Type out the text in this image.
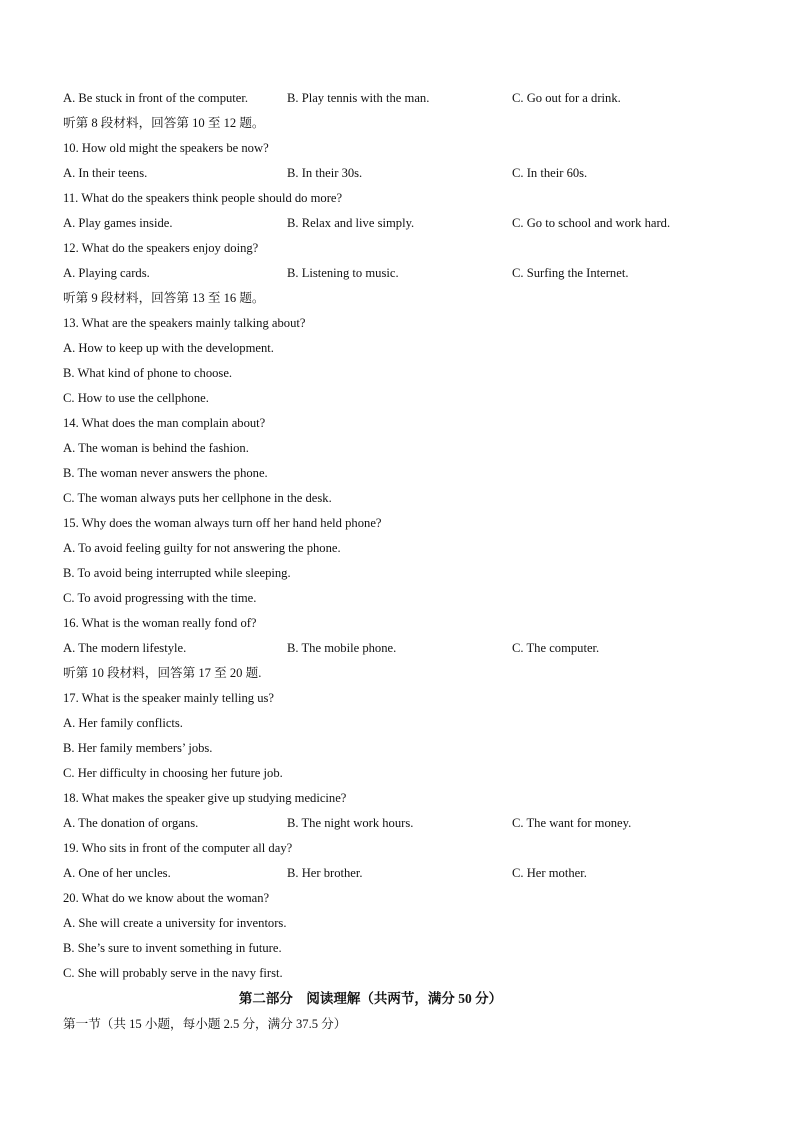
A. Be stuck in front of the computer.	B. Play tennis with the man.	C. Go out for a drink.
听第 8 段材料，回答第 10 至 12 题。
10. How old might the speakers be now?
A. In their teens.	B. In their 30s.	C. In their 60s.
11. What do the speakers think people should do more?
A. Play games inside.	B. Relax and live simply.	C. Go to school and work hard.
12. What do the speakers enjoy doing?
A. Playing cards.	B. Listening to music.	C. Surfing the Internet.
听第 9 段材料，回答第 13 至 16 题。
13. What are the speakers mainly talking about?
A. How to keep up with the development.
B. What kind of phone to choose.
C. How to use the cellphone.
14. What does the man complain about?
A. The woman is behind the fashion.
B. The woman never answers the phone.
C. The woman always puts her cellphone in the desk.
15. Why does the woman always turn off her hand held phone?
A. To avoid feeling guilty for not answering the phone.
B. To avoid being interrupted while sleeping.
C. To avoid progressing with the time.
16. What is the woman really fond of?
A. The modern lifestyle.	B. The mobile phone.	C. The computer.
听第 10 段材料，回答第 17 至 20 题.
17. What is the speaker mainly telling us?
A. Her family conflicts.
B. Her family members’ jobs.
C. Her difficulty in choosing her future job.
18. What makes the speaker give up studying medicine?
A. The donation of organs.	B. The night work hours.	C. The want for money.
19. Who sits in front of the computer all day?
A. One of her uncles.	B. Her brother.	C. Her mother.
20. What do we know about the woman?
A. She will create a university for inventors.
B. She’s sure to invent something in future.
C. She will probably serve in the navy first.
第二部分　阅读理解（共两节，满分 50 分）
第一节（共 15 小题，每小题 2.5 分，满分 37.5 分）
